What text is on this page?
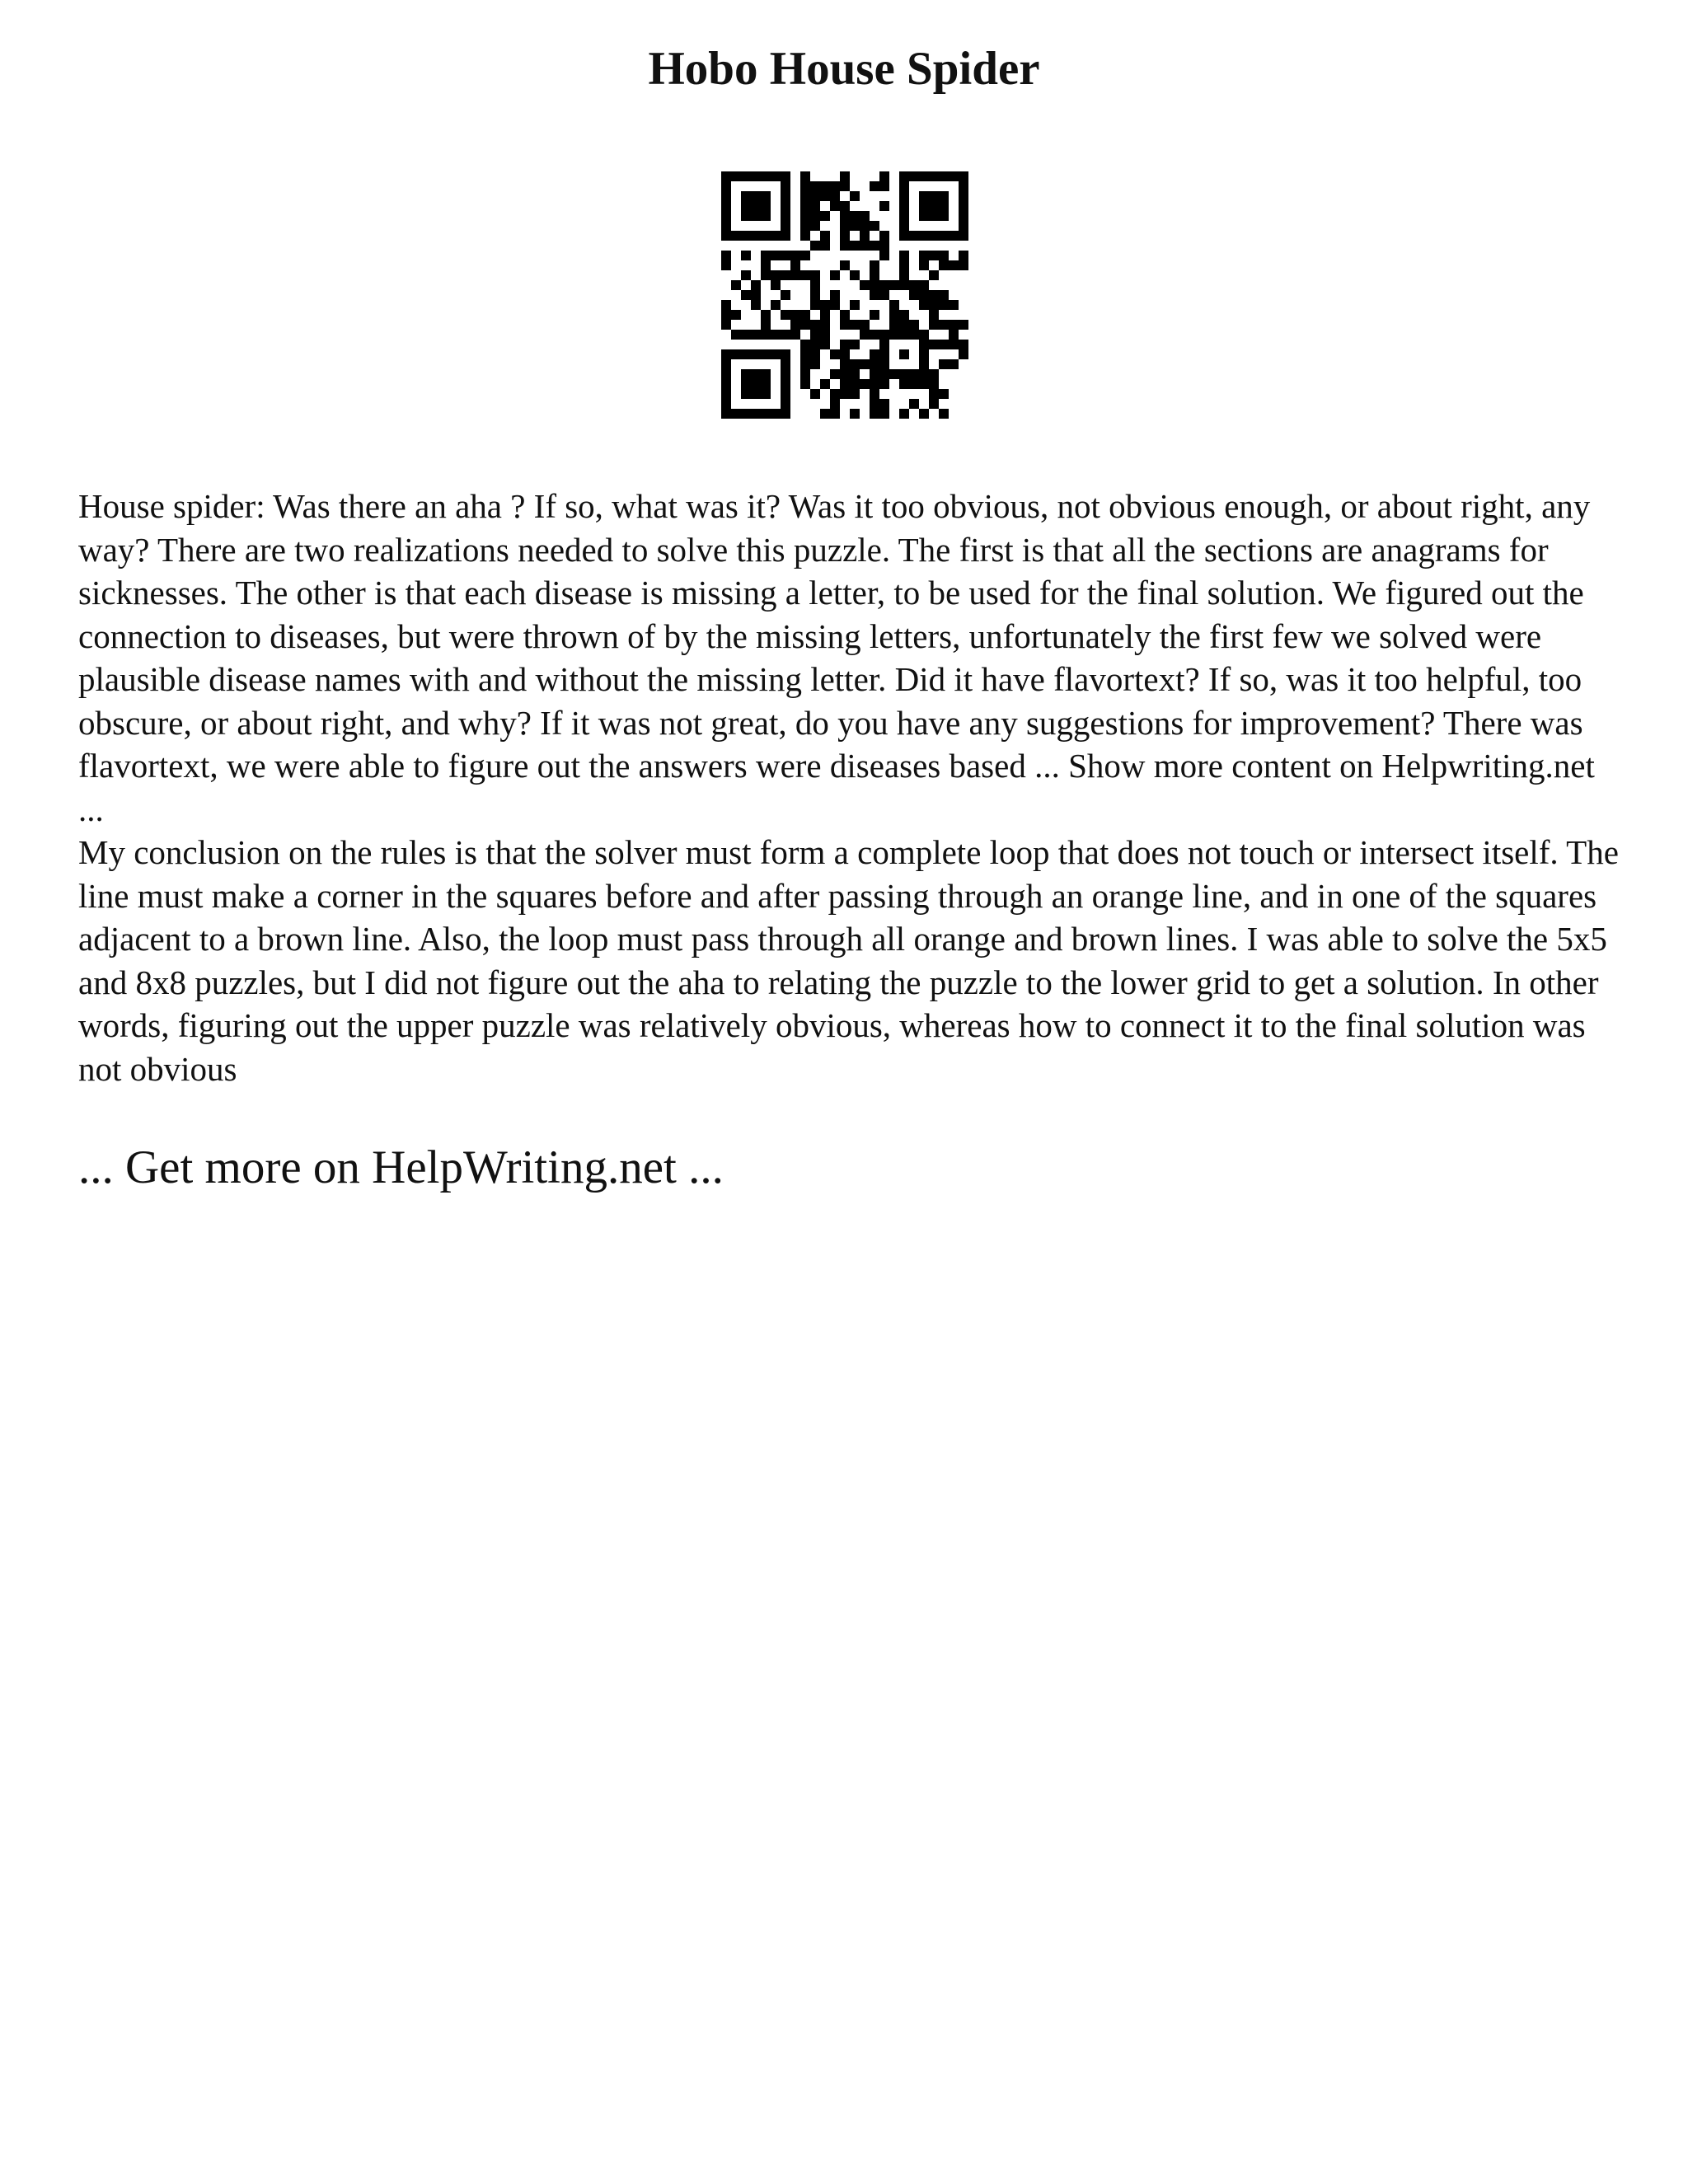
Hobo House Spider

House spider: Was there an aha ? If so, what was it? Was it too obvious, not obvious enough, or about right, any way? There are two realizations needed to solve this puzzle. The first is that all the sections are anagrams for sicknesses. The other is that each disease is missing a letter, to be used for the final solution. We figured out the connection to diseases, but were thrown of by the missing letters, unfortunately the first few we solved were plausible disease names with and without the missing letter. Did it have flavortext? If so, was it too helpful, too obscure, or about right, and why? If it was not great, do you have any suggestions for improvement? There was flavortext, we were able to figure out the answers were diseases based ... Show more content on Helpwriting.net ...

My conclusion on the rules is that the solver must form a complete loop that does not touch or intersect itself. The line must make a corner in the squares before and after passing through an orange line, and in one of the squares adjacent to a brown line. Also, the loop must pass through all orange and brown lines. I was able to solve the 5x5 and 8x8 puzzles, but I did not figure out the aha to relating the puzzle to the lower grid to get a solution. In other words, figuring out the upper puzzle was relatively obvious, whereas how to connect it to the final solution was not obvious

... Get more on HelpWriting.net ...
